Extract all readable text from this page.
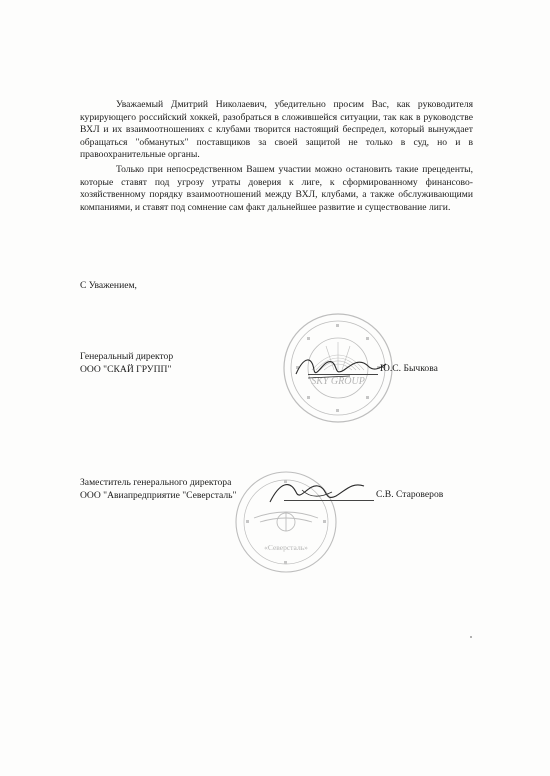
Уважаемый Дмитрий Николаевич, убедительно просим Вас, как руководителя курирующего российский хоккей, разобраться в сложившейся ситуации, так как в руководстве ВХЛ и их взаимоотношениях с клубами творится настоящий беспредел, который вынуждает обращаться "обманутых" поставщиков за своей защитой не только в суд, но и в правоохранительные органы.

Только при непосредственном Вашем участии можно остановить такие прецеденты, которые ставят под угрозу утраты доверия к лиге, к сформированному финансово-хозяйственному порядку взаимоотношений между ВХЛ, клубами, а также обслуживающими компаниями, и ставят под сомнение сам факт дальнейшее развитие и существование лиги.

С Уважением,
SKY GROUP
«Северсталь»
Генеральный директор
ООО "СКАЙ ГРУПП"	Ю.С. Бычкова
Заместитель генерального директора
ООО "Авиапредприятие "Северсталь"	С.В. Староверов
